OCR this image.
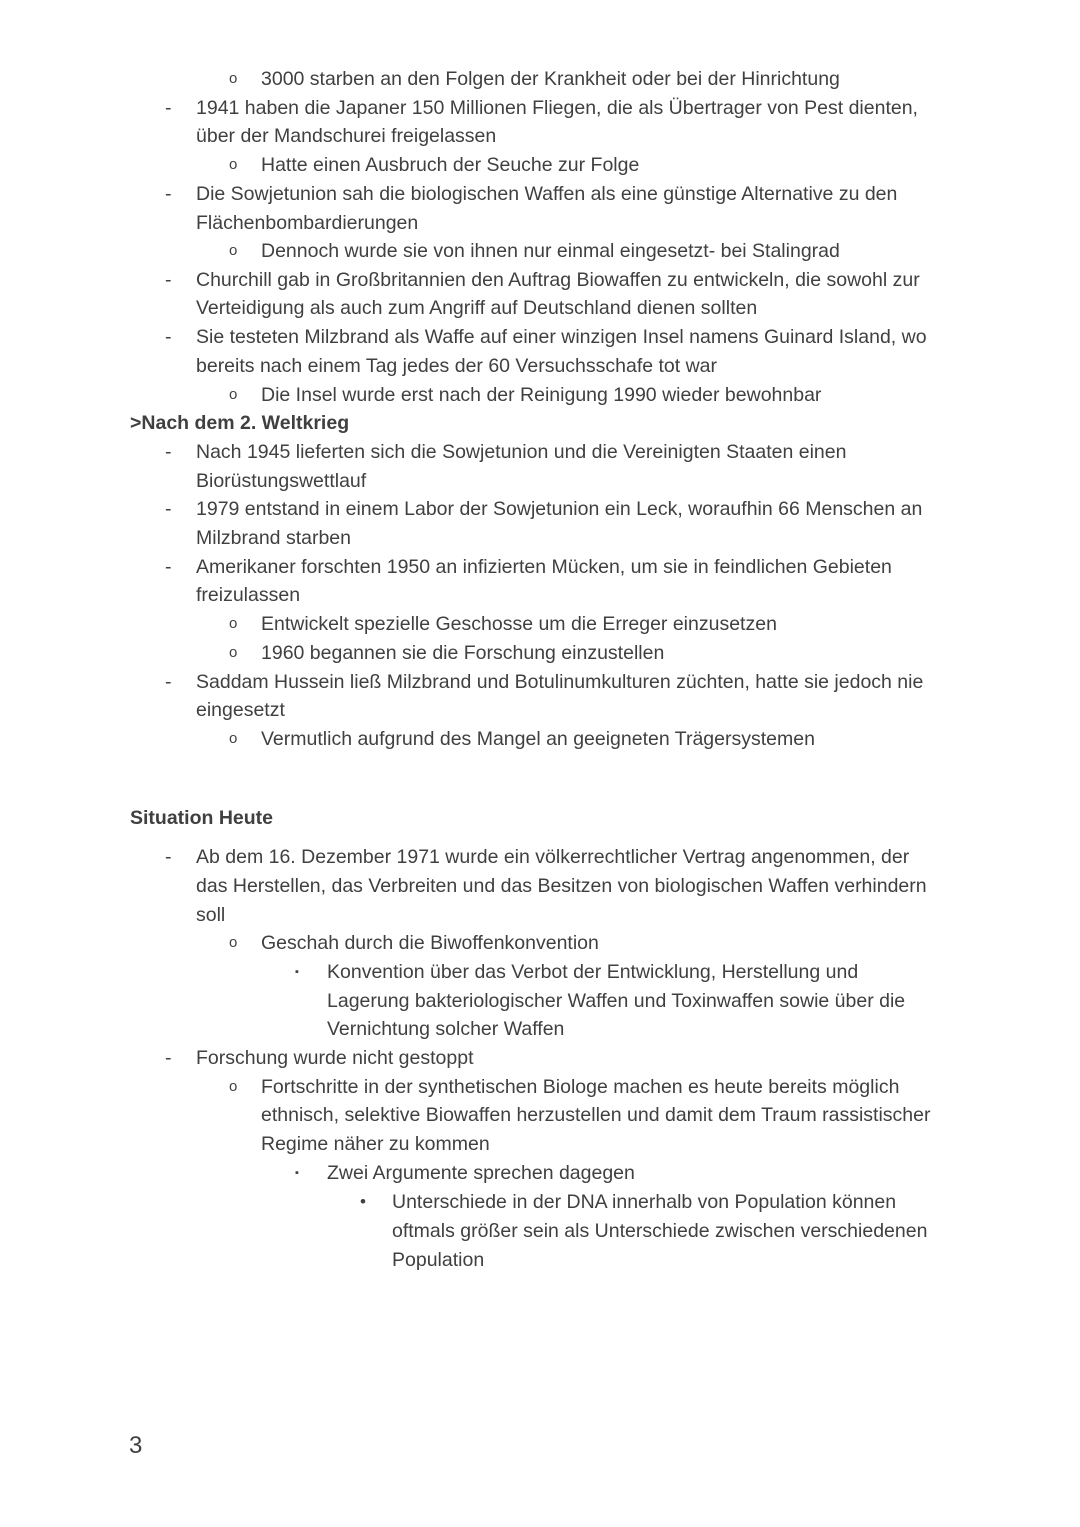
o 3000 starben an den Folgen der Krankheit oder bei der Hinrichtung
- 1941 haben die Japaner 150 Millionen Fliegen, die als Übertrager von Pest dienten,
über der Mandschurei freigelassen
o Hatte einen Ausbruch der Seuche zur Folge
- Die Sowjetunion sah die biologischen Waffen als eine günstige Alternative zu den
Flächenbombardierungen
o Dennoch wurde sie von ihnen nur einmal eingesetzt- bei Stalingrad
- Churchill gab in Großbritannien den Auftrag Biowaffen zu entwickeln, die sowohl zur
Verteidigung als auch zum Angriff auf Deutschland dienen sollten
- Sie testeten Milzbrand als Waffe auf einer winzigen Insel namens Guinard Island, wo
bereits nach einem Tag jedes der 60 Versuchsschafe tot war
o Die Insel wurde erst nach der Reinigung 1990 wieder bewohnbar
>Nach dem 2. Weltkrieg
- Nach 1945 lieferten sich die Sowjetunion und die Vereinigten Staaten einen
Biorüstungswettlauf
- 1979 entstand in einem Labor der Sowjetunion ein Leck, woraufhin 66 Menschen an
Milzbrand starben
- Amerikaner forschten 1950 an infizierten Mücken, um sie in feindlichen Gebieten
freizulassen
o Entwickelt spezielle Geschosse um die Erreger einzusetzen
o 1960 begannen sie die Forschung einzustellen
- Saddam Hussein ließ Milzbrand und Botulinumkulturen züchten, hatte sie jedoch nie
eingesetzt
o Vermutlich aufgrund des Mangel an geeigneten Trägersystemen
Situation Heute
- Ab dem 16. Dezember 1971 wurde ein völkerrechtlicher Vertrag angenommen, der
das Herstellen, das Verbreiten und das Besitzen von biologischen Waffen verhindern
soll
o Geschah durch die Biwoffenkonvention
▪ Konvention über das Verbot der Entwicklung, Herstellung und
Lagerung bakteriologischer Waffen und Toxinwaffen sowie über die
Vernichtung solcher Waffen
- Forschung wurde nicht gestoppt
o Fortschritte in der synthetischen Biologe machen es heute bereits möglich
ethnisch, selektive Biowaffen herzustellen und damit dem Traum rassistischer
Regime näher zu kommen
▪ Zwei Argumente sprechen dagegen
• Unterschiede in der DNA innerhalb von Population können
oftmals größer sein als Unterschiede zwischen verschiedenen
Population
3
